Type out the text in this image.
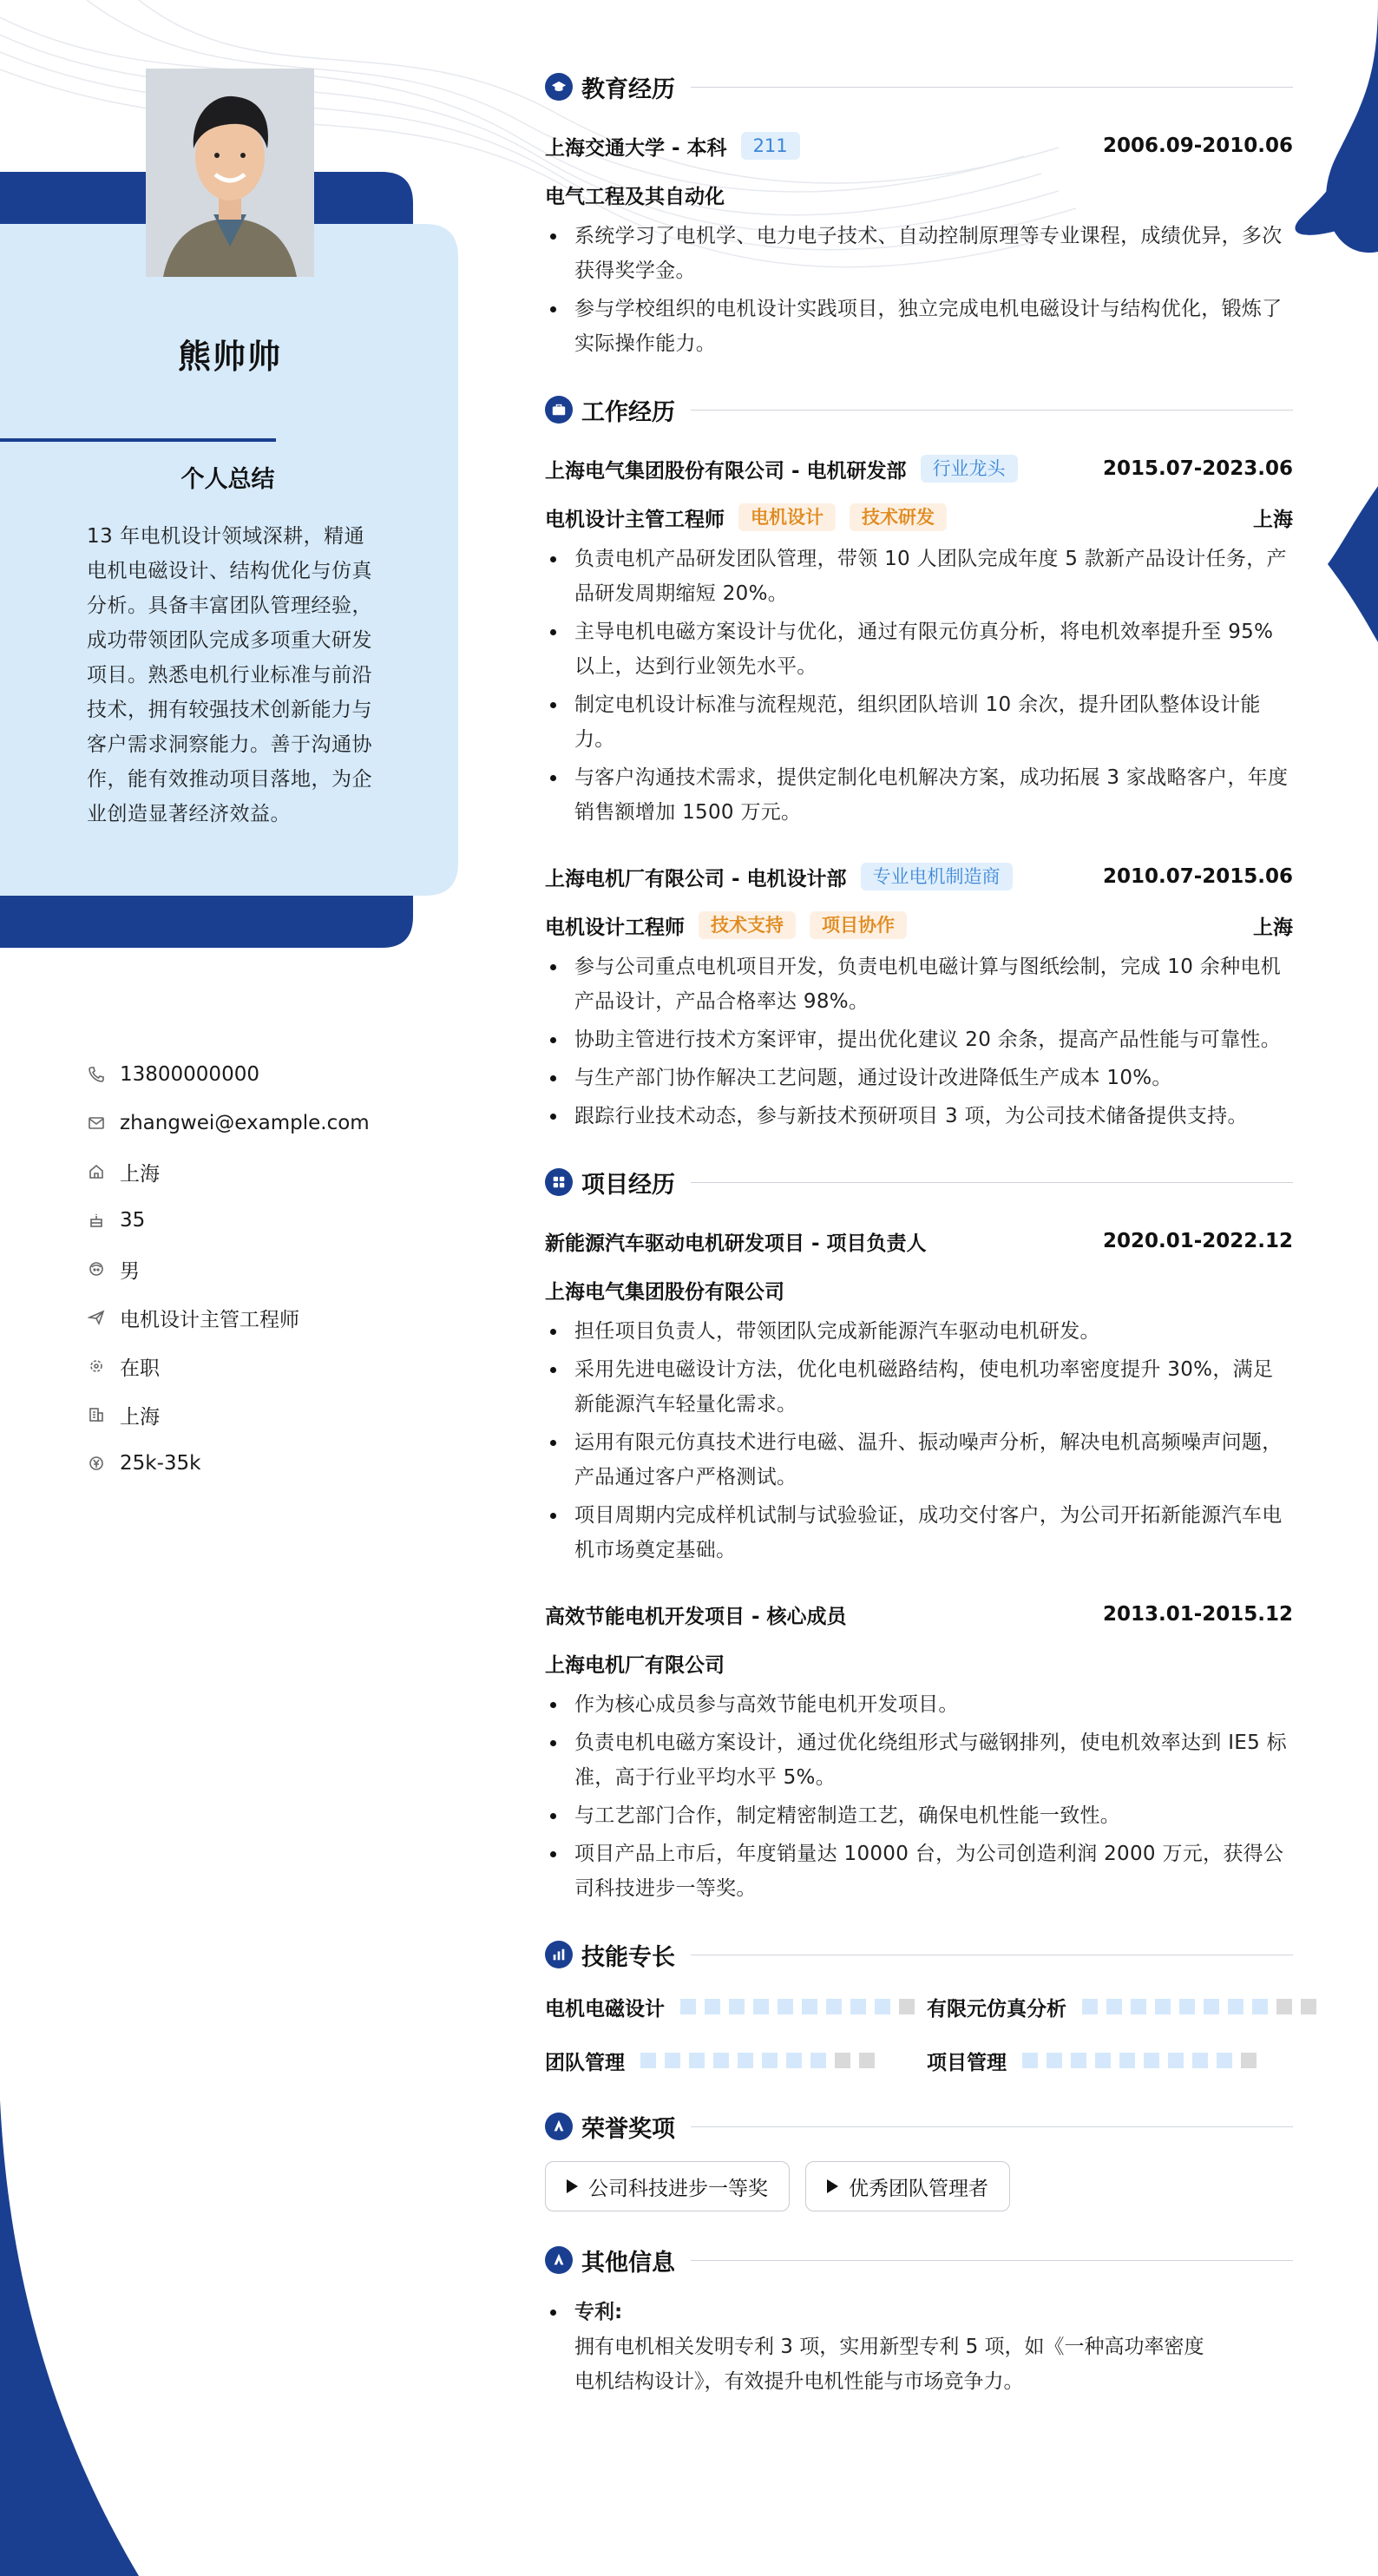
熊帅帅
个人总结
13 年电机设计领域深耕，精通电机电磁设计、结构优化与仿真分析。具备丰富团队管理经验，成功带领团队完成多项重大研发项目。熟悉电机行业标准与前沿技术，拥有较强技术创新能力与客户需求洞察能力。善于沟通协作，能有效推动项目落地，为企业创造显著经济效益。
13800000000
zhangwei@example.com
上海
35
男
电机设计主管工程师
在职
上海
25k-35k
教育经历
上海交通大学 - 本科	211	2006.09-2010.06
电气工程及其自动化
系统学习了电机学、电力电子技术、自动控制原理等专业课程，成绩优异，多次获得奖学金。
参与学校组织的电机设计实践项目，独立完成电机电磁设计与结构优化，锻炼了实际操作能力。
工作经历
上海电气集团股份有限公司 - 电机研发部	行业龙头	2015.07-2023.06
电机设计主管工程师	电机设计	技术研发	上海
负责电机产品研发团队管理，带领 10 人团队完成年度 5 款新产品设计任务，产品研发周期缩短 20%。
主导电机电磁方案设计与优化，通过有限元仿真分析，将电机效率提升至 95%以上，达到行业领先水平。
制定电机设计标准与流程规范，组织团队培训 10 余次，提升团队整体设计能力。
与客户沟通技术需求，提供定制化电机解决方案，成功拓展 3 家战略客户，年度销售额增加 1500 万元。
上海电机厂有限公司 - 电机设计部	专业电机制造商	2010.07-2015.06
电机设计工程师	技术支持	项目协作	上海
参与公司重点电机项目开发，负责电机电磁计算与图纸绘制，完成 10 余种电机产品设计，产品合格率达 98%。
协助主管进行技术方案评审，提出优化建议 20 余条，提高产品性能与可靠性。
与生产部门协作解决工艺问题，通过设计改进降低生产成本 10%。
跟踪行业技术动态，参与新技术预研项目 3 项，为公司技术储备提供支持。
项目经历
新能源汽车驱动电机研发项目 - 项目负责人	2020.01-2022.12
上海电气集团股份有限公司
担任项目负责人，带领团队完成新能源汽车驱动电机研发。
采用先进电磁设计方法，优化电机磁路结构，使电机功率密度提升 30%，满足新能源汽车轻量化需求。
运用有限元仿真技术进行电磁、温升、振动噪声分析，解决电机高频噪声问题，产品通过客户严格测试。
项目周期内完成样机试制与试验验证，成功交付客户，为公司开拓新能源汽车电机市场奠定基础。
高效节能电机开发项目 - 核心成员	2013.01-2015.12
上海电机厂有限公司
作为核心成员参与高效节能电机开发项目。
负责电机电磁方案设计，通过优化绕组形式与磁钢排列，使电机效率达到 IE5 标准，高于行业平均水平 5%。
与工艺部门合作，制定精密制造工艺，确保电机性能一致性。
项目产品上市后，年度销量达 10000 台，为公司创造利润 2000 万元，获得公司科技进步一等奖。
技能专长
电机电磁设计	有限元仿真分析
团队管理	项目管理
荣誉奖项
公司科技进步一等奖	优秀团队管理者
其他信息
专利:拥有电机相关发明专利 3 项，实用新型专利 5 项，如《一种高功率密度电机结构设计》，有效提升电机性能与市场竞争力。
